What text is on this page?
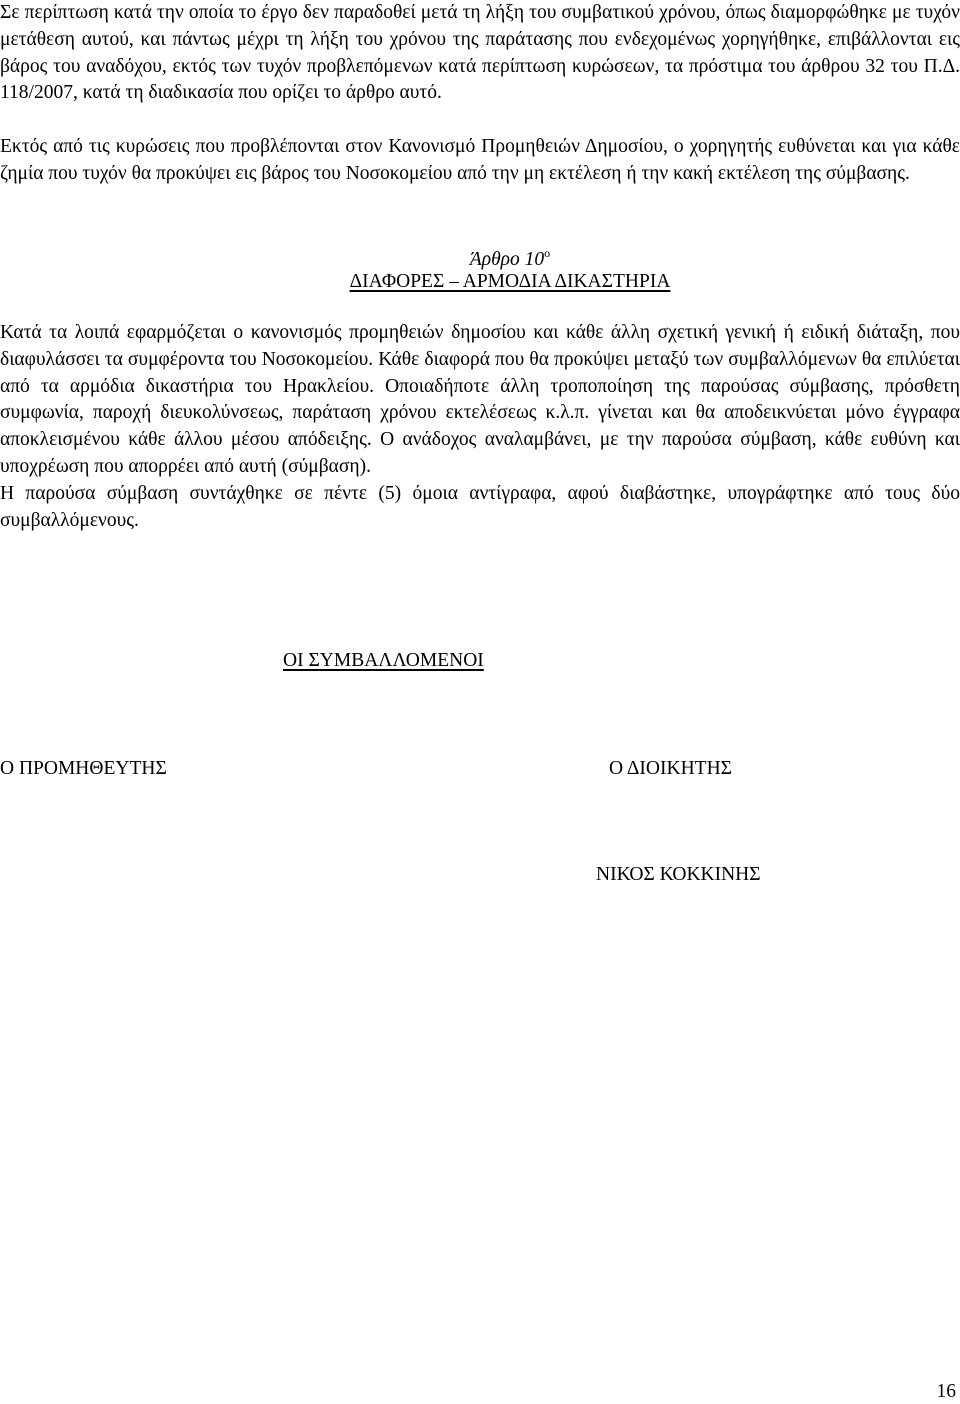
Σε περίπτωση κατά την οποία το έργο δεν παραδοθεί μετά τη λήξη του συμβατικού χρόνου, όπως διαμορφώθηκε με τυχόν μετάθεση αυτού, και πάντως μέχρι τη λήξη του χρόνου της παράτασης που ενδεχομένως χορηγήθηκε, επιβάλλονται εις βάρος του αναδόχου, εκτός των τυχόν προβλεπόμενων κατά περίπτωση κυρώσεων, τα πρόστιμα του άρθρου 32 του Π.Δ. 118/2007, κατά τη διαδικασία που ορίζει το άρθρο αυτό.

Εκτός από τις κυρώσεις που προβλέπονται στον Κανονισμό Προμηθειών Δημοσίου, ο χορηγητής ευθύνεται και για κάθε ζημία που τυχόν θα προκύψει εις βάρος του Νοσοκομείου από την μη εκτέλεση ή την κακή εκτέλεση της σύμβασης.

Άρθρο $10^o$
ΔΙΑΦΟΡΕΣ – ΑΡΜΟΔΙΑ ΔΙΚΑΣΤΗΡΙΑ

Κατά τα λοιπά εφαρμόζεται ο κανονισμός προμηθειών δημοσίου και κάθε άλλη σχετική γενική ή ειδική διάταξη, που διαφυλάσσει τα συμφέροντα του Νοσοκομείου. Κάθε διαφορά που θα προκύψει μεταξύ των συμβαλλόμενων θα επιλύεται από τα αρμόδια δικαστήρια του Ηρακλείου. Οποιαδήποτε άλλη τροποποίηση της παρούσας σύμβασης, πρόσθετη συμφωνία, παροχή διευκολύνσεως, παράταση χρόνου εκτελέσεως κ.λ.π. γίνεται και θα αποδεικνύεται μόνο έγγραφα αποκλεισμένου κάθε άλλου μέσου απόδειξης. Ο ανάδοχος αναλαμβάνει, με την παρούσα σύμβαση, κάθε ευθύνη και υποχρέωση που απορρέει από αυτή (σύμβαση).

Η παρούσα σύμβαση συντάχθηκε σε πέντε (5) όμοια αντίγραφα, αφού διαβάστηκε, υπογράφτηκε από τους δύο συμβαλλόμενους.

ΟΙ ΣΥΜΒΑΛΛΟΜΕΝΟΙ
Ο ΠΡΟΜΗΘΕΥΤΗΣ	Ο ΔΙΟΙΚΗΤΗΣ
ΝΙΚΟΣ ΚΟΚΚΙΝΗΣ
16
